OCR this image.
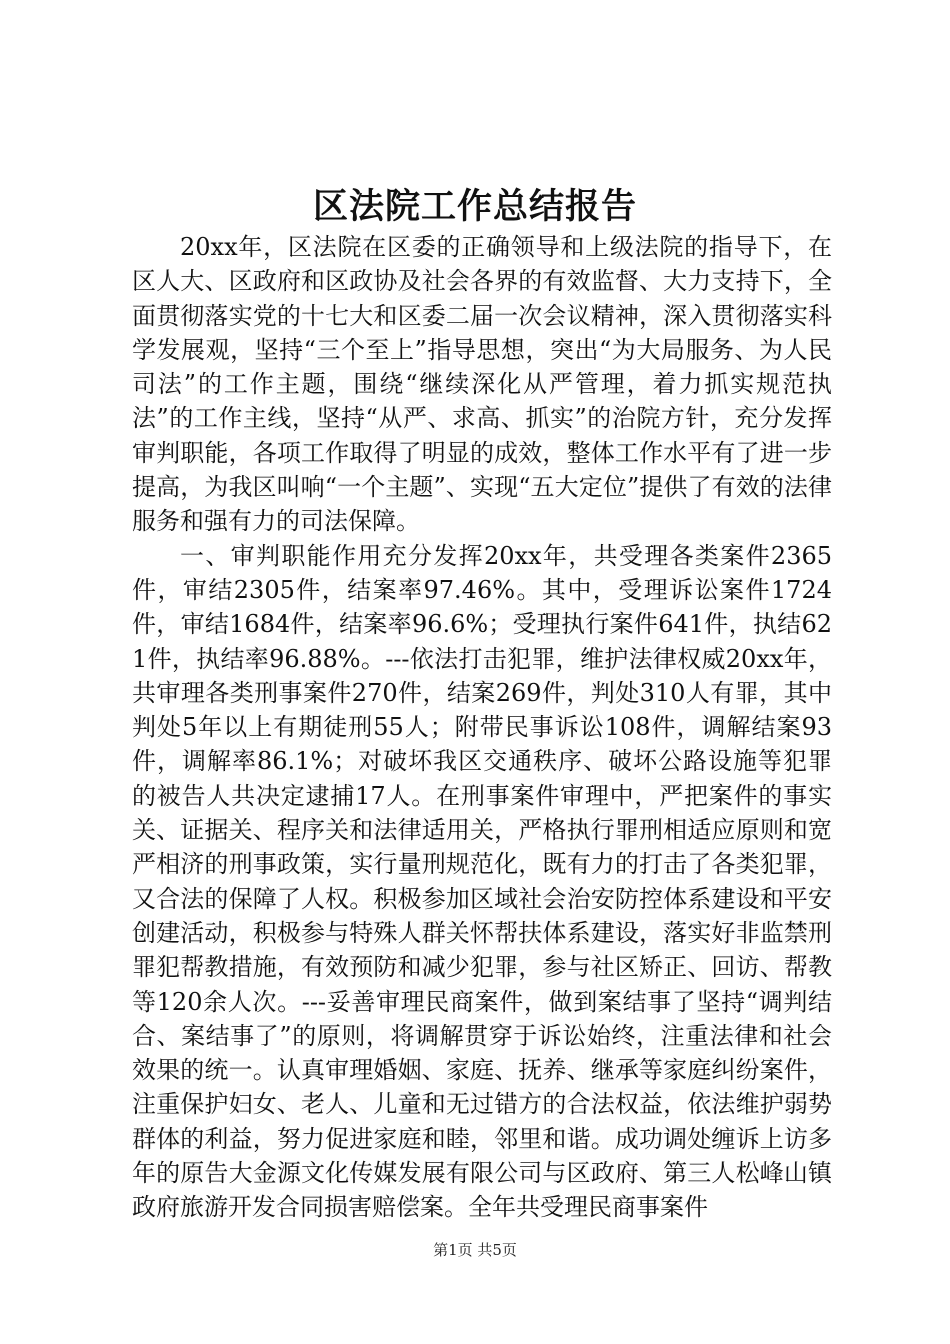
区法院工作总结报告

20xx年，区法院在区委的正确领导和上级法院的指导下，在区人大、区政府和区政协及社会各界的有效监督、大力支持下，全面贯彻落实党的十七大和区委二届一次会议精神，深入贯彻落实科学发展观，坚持“三个至上”指导思想，突出“为大局服务、为人民司法”的工作主题，围绕“继续深化从严管理，着力抓实规范执法”的工作主线，坚持“从严、求高、抓实”的治院方针，充分发挥审判职能，各项工作取得了明显的成效，整体工作水平有了进一步提高，为我区叫响“一个主题”、实现“五大定位”提供了有效的法律服务和强有力的司法保障。

一、审判职能作用充分发挥20xx年，共受理各类案件2365件，审结2305件，结案率97.46%。其中，受理诉讼案件1724件，审结1684件，结案率96.6%；受理执行案件641件，执结621件，执结率96.88%。---依法打击犯罪，维护法律权威20xx年，共审理各类刑事案件270件，结案269件，判处310人有罪，其中判处5年以上有期徒刑55人；附带民事诉讼108件，调解结案93件，调解率86.1%；对破坏我区交通秩序、破坏公路设施等犯罪的被告人共决定逮捕17人。在刑事案件审理中，严把案件的事实关、证据关、程序关和法律适用关，严格执行罪刑相适应原则和宽严相济的刑事政策，实行量刑规范化，既有力的打击了各类犯罪，又合法的保障了人权。积极参加区域社会治安防控体系建设和平安创建活动，积极参与特殊人群关怀帮扶体系建设，落实好非监禁刑罪犯帮教措施，有效预防和减少犯罪，参与社区矫正、回访、帮教等120余人次。---妥善审理民商案件，做到案结事了坚持“调判结合、案结事了”的原则，将调解贯穿于诉讼始终，注重法律和社会效果的统一。认真审理婚姻、家庭、抚养、继承等家庭纠纷案件，注重保护妇女、老人、儿童和无过错方的合法权益，依法维护弱势群体的利益，努力促进家庭和睦，邻里和谐。成功调处缠诉上访多年的原告大金源文化传媒发展有限公司与区政府、第三人松峰山镇政府旅游开发合同损害赔偿案。全年共受理民商事案件

第1页 共5页
